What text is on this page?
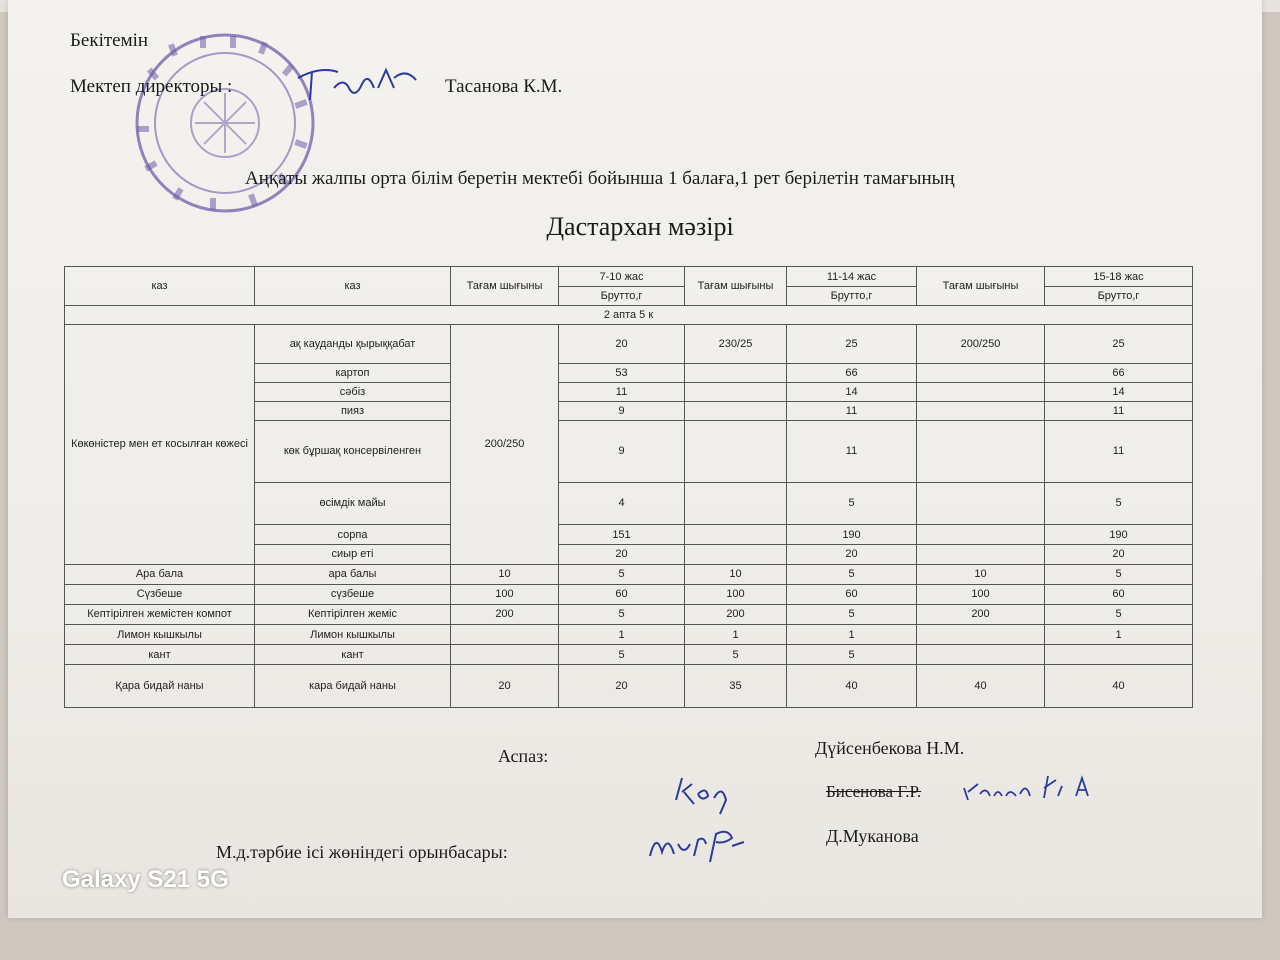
Бекітемін
Мектеп директоры :	Тасанова К.М.
Аңқаты жалпы орта білім беретін мектебі бойынша 1 балаға,1 рет берілетін тамағының
Дастархан мәзірі
каз	каз	Тағам шығыны	7-10 жас	Тағам шығыны	11-14 жас	Тағам шығыны	15-18 жас
			Брутто,г		Брутто,г		Брутто,г
2 апта 5 к							
Көкөністер мен ет косылған көжесі	ақ кауданды қырыққабат	200/250	20	230/25	25	200/250	25
	картоп		53		66		66
	сәбіз		11		14		14
	пияз		9		11		11
	көк бұршақ консервіленген		9		11		11
	өсімдік майы		4		5		5
	сорпа		151		190		190
	сиыр еті		20		20		20
Ара бала	ара балы	10	5	10	5	10	5
Сүзбеше	сүзбеше	100	60	100	60	100	60
Кептірілген жемістен компот	Кептірілген жеміс	200	5	200	5	200	5
Лимон кышкылы	Лимон кышкылы		1	1	1		1
кант	кант		5	5	5		
Қара бидай наны	кара бидай наны	20	20	35	40	40	40
Аспаз:	Дүйсенбекова Н.М.
Бисенова Г.Р.
М.д.тәрбие ісі жөніндегі орынбасары:
Д.Муканова
Galaxy S21 5G
